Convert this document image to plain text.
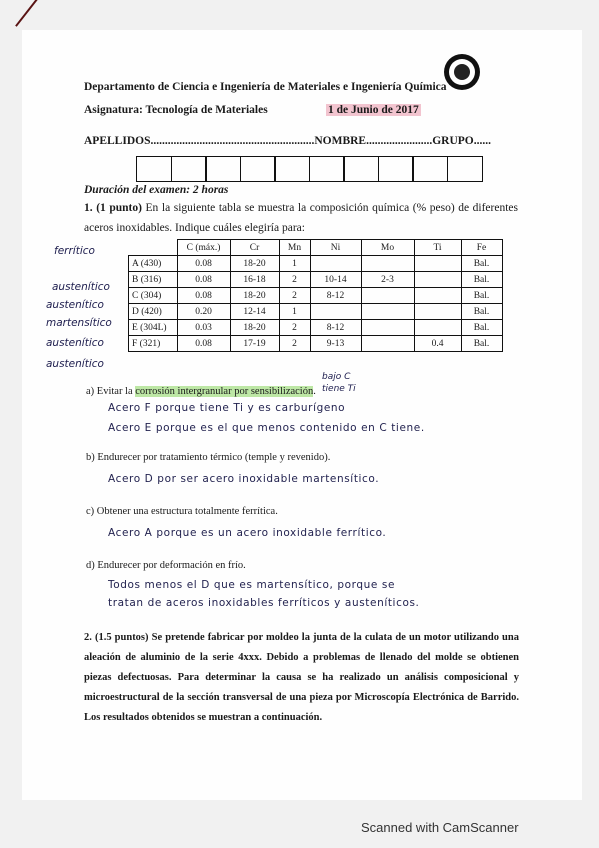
Departamento de Ciencia e Ingeniería de Materiales e Ingeniería Química
Asignatura: Tecnología de Materiales	1 de Junio de 2017
APELLIDOS.........................................................NOMBRE.......................GRUPO......
Duración del examen: 2 horas
1. (1 punto) En la siguiente tabla se muestra la composición química (% peso) de diferentes aceros inoxidables. Indique cuáles elegiría para:
	C (máx.)	Cr	Mn	Ni	Mo	Ti	Fe
A (430)	0.08	18-20	1				Bal.
B (316)	0.08	16-18	2	10-14	2-3		Bal.
C (304)	0.08	18-20	2	8-12			Bal.
D (420)	0.20	12-14	1				Bal.
E (304L)	0.03	18-20	2	8-12			Bal.
F (321)	0.08	17-19	2	9-13		0.4	Bal.
ferrítico
austenítico
austenítico
martensítico
austenítico
austenítico
a) Evitar la corrosión intergranular por sensibilización.
bajo C
tiene Ti
Acero F porque tiene Ti y es carburígeno
Acero E porque es el que menos contenido en C tiene.
b) Endurecer por tratamiento térmico (temple y revenido).
Acero D por ser acero inoxidable martensítico.
c) Obtener una estructura totalmente ferrítica.
Acero A porque es un acero inoxidable ferrítico.
d) Endurecer por deformación en frío.
Todos menos el D que es martensítico, porque se
tratan de aceros inoxidables ferríticos y austeníticos.
2. (1.5 puntos) Se pretende fabricar por moldeo la junta de la culata de un motor utilizando una aleación de aluminio de la serie 4xxx. Debido a problemas de llenado del molde se obtienen piezas defectuosas. Para determinar la causa se ha realizado un análisis composicional y microestructural de la sección transversal de una pieza por Microscopía Electrónica de Barrido. Los resultados obtenidos se muestran a continuación.
Scanned with CamScanner
